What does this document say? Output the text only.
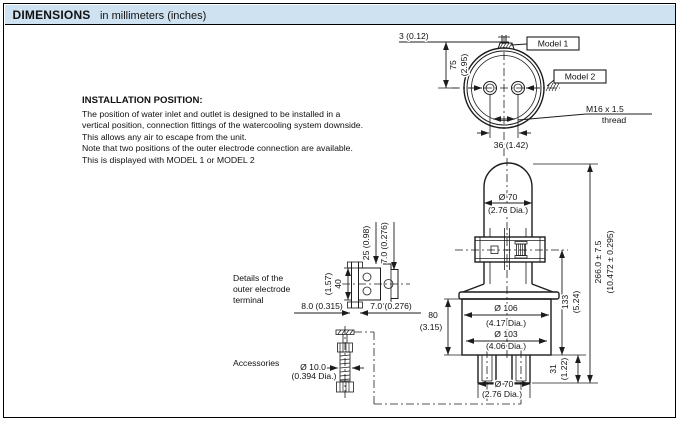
DIMENSIONS in millimeters (inches)
INSTALLATION POSITION:
The position of water inlet and outlet is designed to be installed in a
vertical position, connection fittings of the watercooling system downside.
This allows any air to escape from the unit.
Note that two positions of the outer electrode connection are available.
This is displayed with MODEL 1 or MODEL 2
3 (0.12)
75 (2.95)
Model 1
Model 2
M16 x 1.5
thread
36 (1.42)
Ø 70
(2.76 Dia.)
Ø 106
(4.17 Dia.)
Ø 103
(4.06 Dia.)
Ø 70
(2.76 Dia.)
133 (5.24)
31 (1.22)
266.0 ± 7.5 (10.472 ± 0.295)
80
(3.15)
25 (0.98) 7.0 (0.276)
40
(1.57)
8.0 (0.315)	7.0 (0.276)
Details of the
outer electrode
terminal
Ø 10.0
(0.394 Dia.)
Accessories
